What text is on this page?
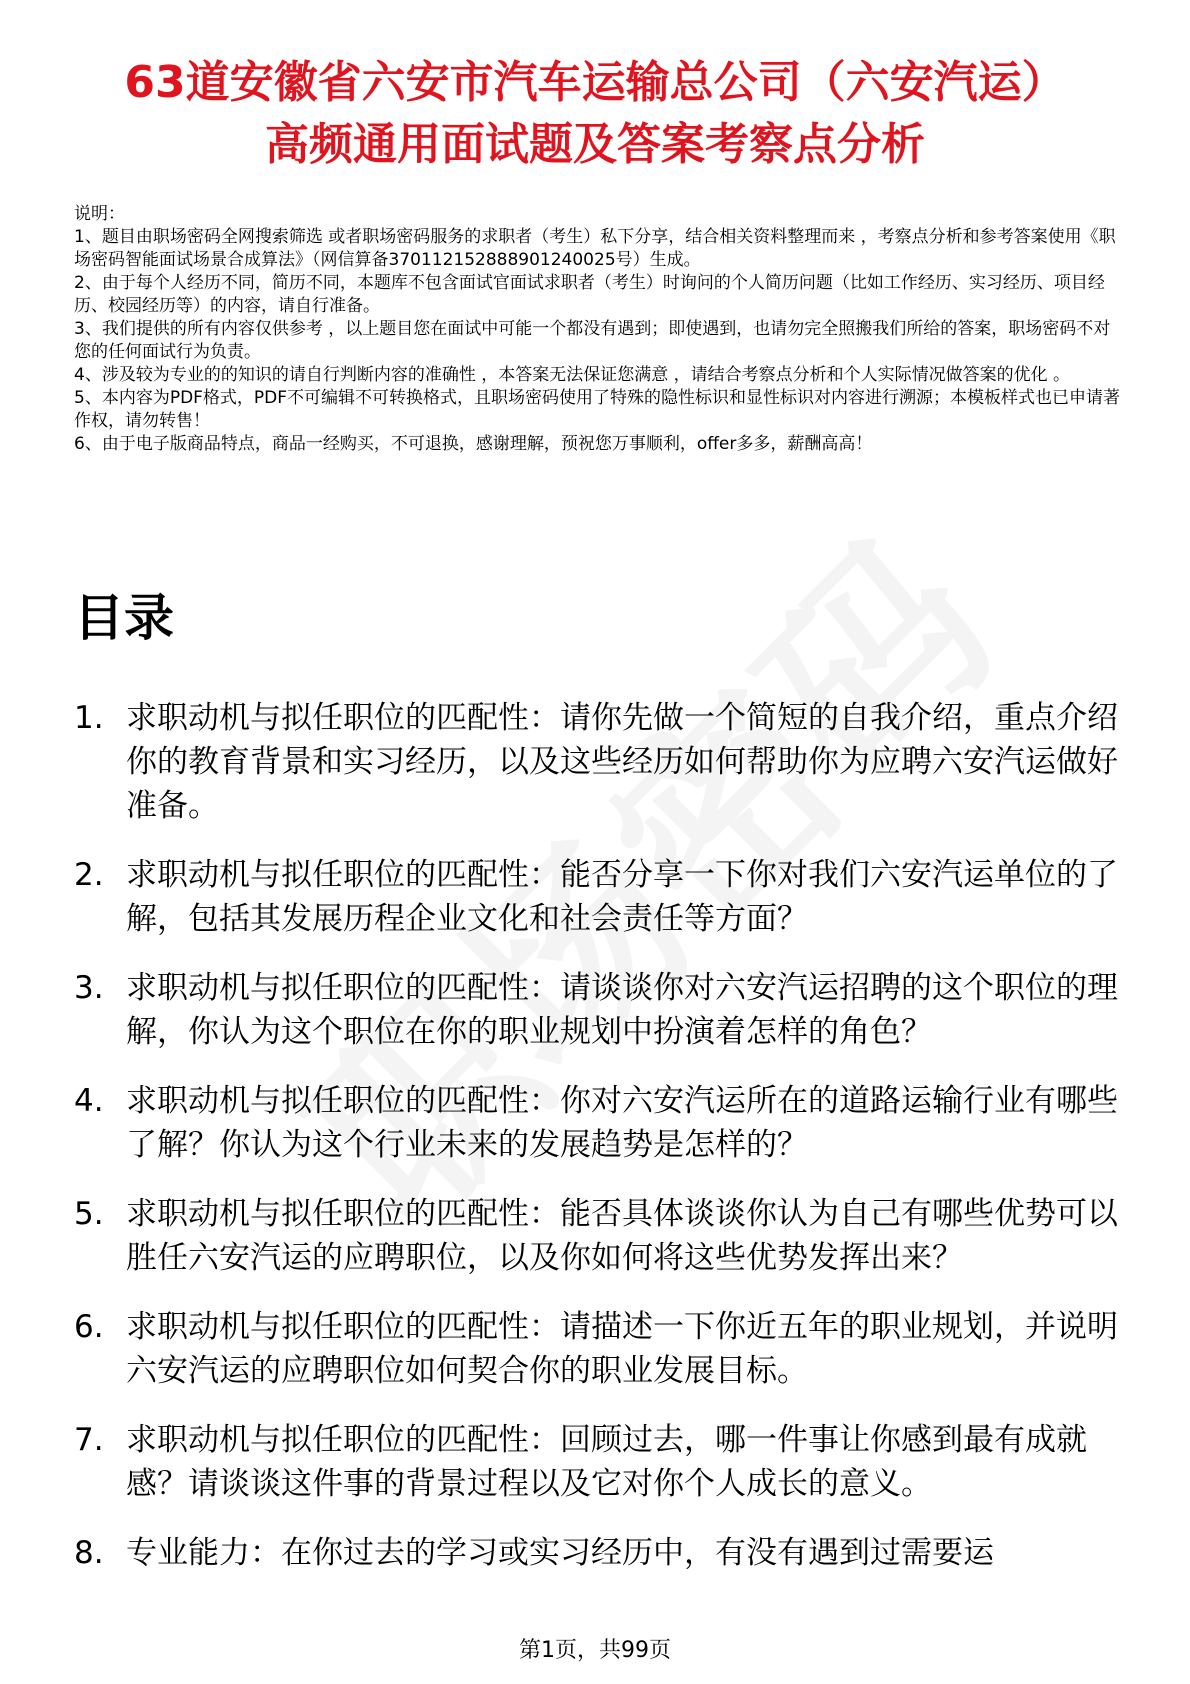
63道安徽省六安市汽车运输总公司（六安汽运）高频通用面试题及答案考察点分析

说明：

1、题目由职场密码全网搜索筛选 或者职场密码服务的求职者（考生）私下分享，结合相关资料整理而来 ，考察点分析和参考答案使用《职场密码智能面试场景合成算法》（网信算备370112152888901240025号）生成。

2、由于每个人经历不同，简历不同，本题库不包含面试官面试求职者（考生）时询问的个人简历问题（比如工作经历、实习经历、项目经历、校园经历等）的内容，请自行准备。

3、我们提供的所有内容仅供参考 ，以上题目您在面试中可能一个都没有遇到；即使遇到，也请勿完全照搬我们所给的答案，职场密码不对您的任何面试行为负责。

4、涉及较为专业的的知识的请自行判断内容的准确性 ，本答案无法保证您满意 ，请结合考察点分析和个人实际情况做答案的优化 。

5、本内容为PDF格式，PDF不可编辑不可转换格式，且职场密码使用了特殊的隐性标识和显性标识对内容进行溯源；本模板样式也已申请著作权，请勿转售！

6、由于电子版商品特点，商品一经购买，不可退换，感谢理解，预祝您万事顺利，offer多多，薪酬高高！

目录
1. 求职动机与拟任职位的匹配性：请你先做一个简短的自我介绍，重点介绍你的教育背景和实习经历，以及这些经历如何帮助你为应聘六安汽运做好准备。
2. 求职动机与拟任职位的匹配性：能否分享一下你对我们六安汽运单位的了解，包括其发展历程企业文化和社会责任等方面？
3. 求职动机与拟任职位的匹配性：请谈谈你对六安汽运招聘的这个职位的理解，你认为这个职位在你的职业规划中扮演着怎样的角色？
4. 求职动机与拟任职位的匹配性：你对六安汽运所在的道路运输行业有哪些了解？你认为这个行业未来的发展趋势是怎样的？
5. 求职动机与拟任职位的匹配性：能否具体谈谈你认为自己有哪些优势可以胜任六安汽运的应聘职位，以及你如何将这些优势发挥出来？
6. 求职动机与拟任职位的匹配性：请描述一下你近五年的职业规划，并说明六安汽运的应聘职位如何契合你的职业发展目标。
7. 求职动机与拟任职位的匹配性：回顾过去，哪一件事让你感到最有成就感？请谈谈这件事的背景过程以及它对你个人成长的意义。
8. 专业能力：在你过去的学习或实习经历中，有没有遇到过需要运
第1页，共99页
